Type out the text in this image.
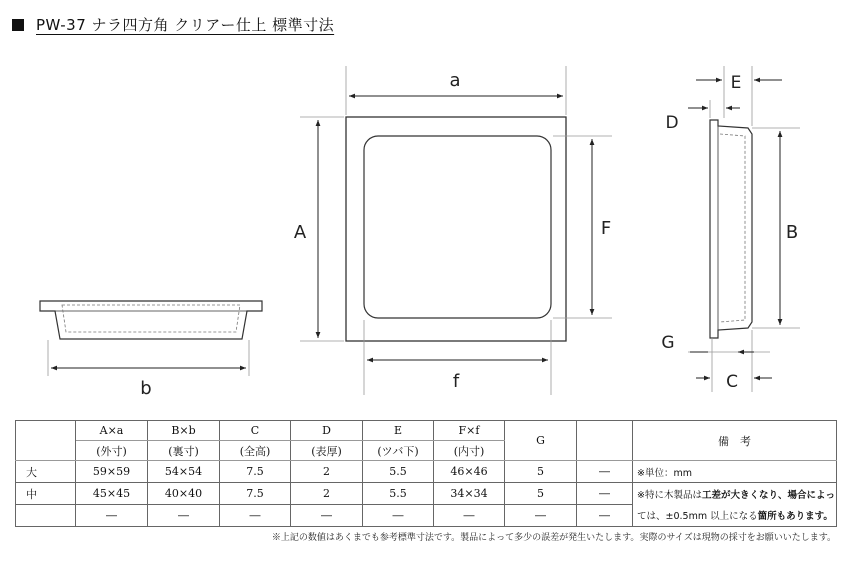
PW-37 ナラ四方角 クリアー仕上 標準寸法
a
A	F
f
b
E
D
B
G
C
	A×a	B×b	C	D	E	F×f	G		備　考
	(外寸)	(裏寸)	(全高)	(表厚)	(ツバ下)	(内寸)			
大	59×59	54×54	7.5	2	5.5	46×46	5	―	※単位：mm
中	45×45	40×40	7.5	2	5.5	34×34	5	―	※特に木製品は工差が大きくなり、場合によっ
	―	―	―	―	―	―	―	―	ては、±0.5mm 以上になる箇所もあります。
※上記の数値はあくまでも参考標準寸法です。製品によって多少の誤差が発生いたします。実際のサイズは現物の採寸をお願いいたします。
